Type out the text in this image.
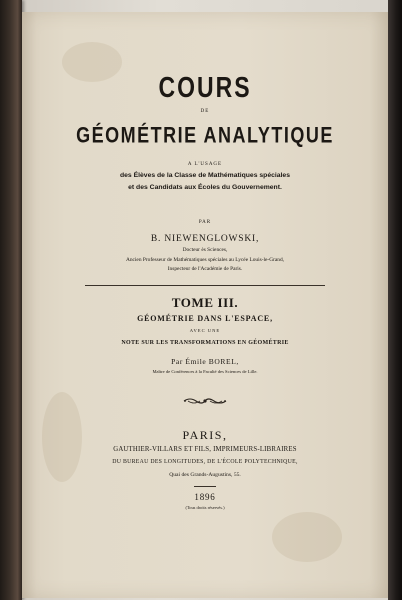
COURS
DE
GÉOMÉTRIE ANALYTIQUE
A L'USAGE
des Élèves de la Classe de Mathématiques spéciales
et des Candidats aux Écoles du Gouvernement.
PAR
B. NIEWENGLOWSKI,
Docteur ès Sciences,
Ancien Professeur de Mathématiques spéciales au Lycée Louis-le-Grand,
Inspecteur de l'Académie de Paris.
TOME III.
GÉOMÉTRIE DANS L'ESPACE,
AVEC UNE
NOTE SUR LES TRANSFORMATIONS EN GÉOMÉTRIE
Par Émile BOREL,
Maître de Conférences à la Faculté des Sciences de Lille.
PARIS,
GAUTHIER-VILLARS ET FILS, IMPRIMEURS-LIBRAIRES
DU BUREAU DES LONGITUDES, DE L'ÉCOLE POLYTECHNIQUE,
Quai des Grands-Augustins, 55.
1896
(Tous droits réservés.)
